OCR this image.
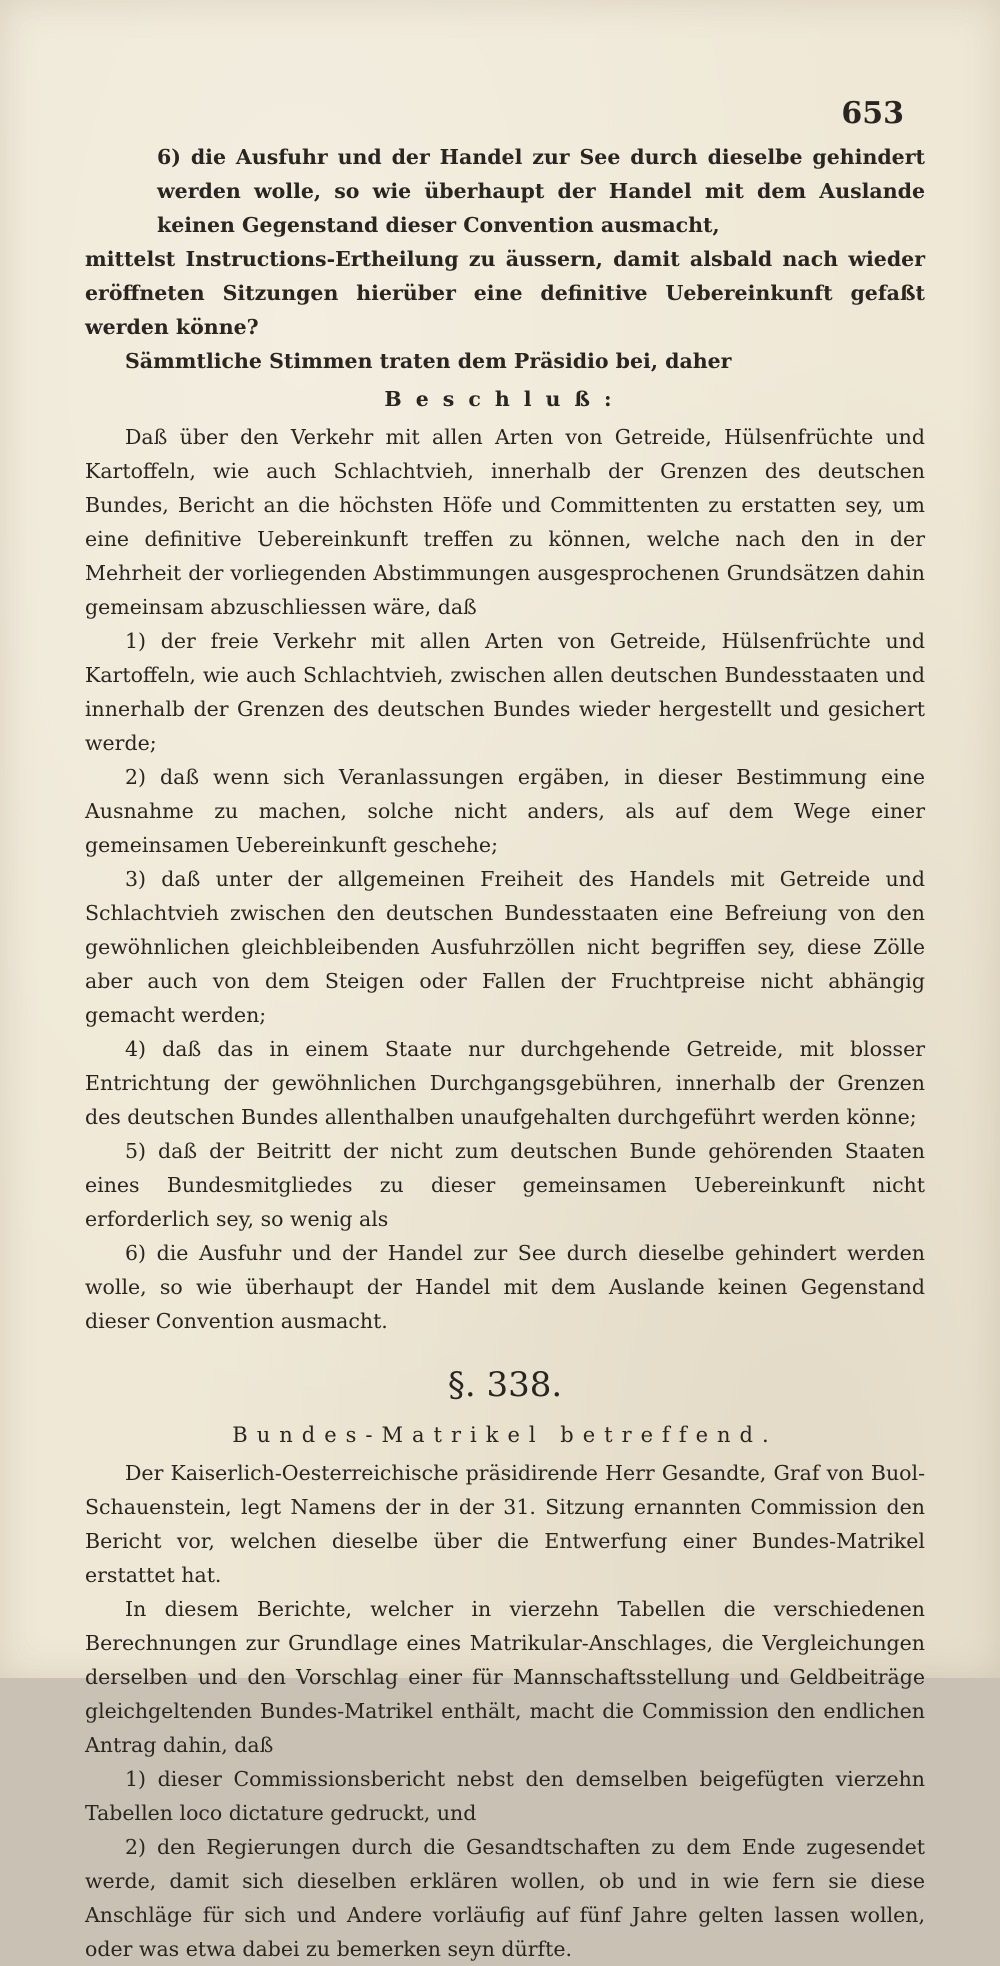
653

6) die Ausfuhr und der Handel zur See durch dieselbe gehindert werden wolle, so wie überhaupt der Handel mit dem Auslande keinen Gegenstand dieser Convention ausmacht,

mittelst Instructions-Ertheilung zu äussern, damit alsbald nach wieder eröffneten Sitzungen hierüber eine definitive Uebereinkunft gefaßt werden könne?

Sämmtliche Stimmen traten dem Präsidio bei, daher

Beschluß:

Daß über den Verkehr mit allen Arten von Getreide, Hülsenfrüchte und Kartoffeln, wie auch Schlachtvieh, innerhalb der Grenzen des deutschen Bundes, Bericht an die höchsten Höfe und Committenten zu erstatten sey, um eine definitive Uebereinkunft treffen zu können, welche nach den in der Mehrheit der vorliegenden Abstimmungen ausgesprochenen Grundsätzen dahin gemeinsam abzuschliessen wäre, daß

1) der freie Verkehr mit allen Arten von Getreide, Hülsenfrüchte und Kartoffeln, wie auch Schlachtvieh, zwischen allen deutschen Bundesstaaten und innerhalb der Grenzen des deutschen Bundes wieder hergestellt und gesichert werde;

2) daß wenn sich Veranlassungen ergäben, in dieser Bestimmung eine Ausnahme zu machen, solche nicht anders, als auf dem Wege einer gemeinsamen Uebereinkunft geschehe;

3) daß unter der allgemeinen Freiheit des Handels mit Getreide und Schlachtvieh zwischen den deutschen Bundesstaaten eine Befreiung von den gewöhnlichen gleichbleibenden Ausfuhrzöllen nicht begriffen sey, diese Zölle aber auch von dem Steigen oder Fallen der Fruchtpreise nicht abhängig gemacht werden;

4) daß das in einem Staate nur durchgehende Getreide, mit blosser Entrichtung der gewöhnlichen Durchgangsgebühren, innerhalb der Grenzen des deutschen Bundes allenthalben unaufgehalten durchgeführt werden könne;

5) daß der Beitritt der nicht zum deutschen Bunde gehörenden Staaten eines Bundesmitgliedes zu dieser gemeinsamen Uebereinkunft nicht erforderlich sey, so wenig als

6) die Ausfuhr und der Handel zur See durch dieselbe gehindert werden wolle, so wie überhaupt der Handel mit dem Auslande keinen Gegenstand dieser Convention ausmacht.

§. 338.
Bundes-Matrikel betreffend.

Der Kaiserlich-Oesterreichische präsidirende Herr Gesandte, Graf von Buol-Schauenstein, legt Namens der in der 31. Sitzung ernannten Commission den Bericht vor, welchen dieselbe über die Entwerfung einer Bundes-Matrikel erstattet hat.

In diesem Berichte, welcher in vierzehn Tabellen die verschiedenen Berechnungen zur Grundlage eines Matrikular-Anschlages, die Vergleichungen derselben und den Vorschlag einer für Mannschaftsstellung und Geldbeiträge gleichgeltenden Bundes-Matrikel enthält, macht die Commission den endlichen Antrag dahin, daß

1) dieser Commissionsbericht nebst den demselben beigefügten vierzehn Tabellen loco dictature gedruckt, und

2) den Regierungen durch die Gesandtschaften zu dem Ende zugesendet werde, damit sich dieselben erklären wollen, ob und in wie fern sie diese Anschläge für sich und Andere vorläufig auf fünf Jahre gelten lassen wollen, oder was etwa dabei zu bemerken seyn dürfte.
